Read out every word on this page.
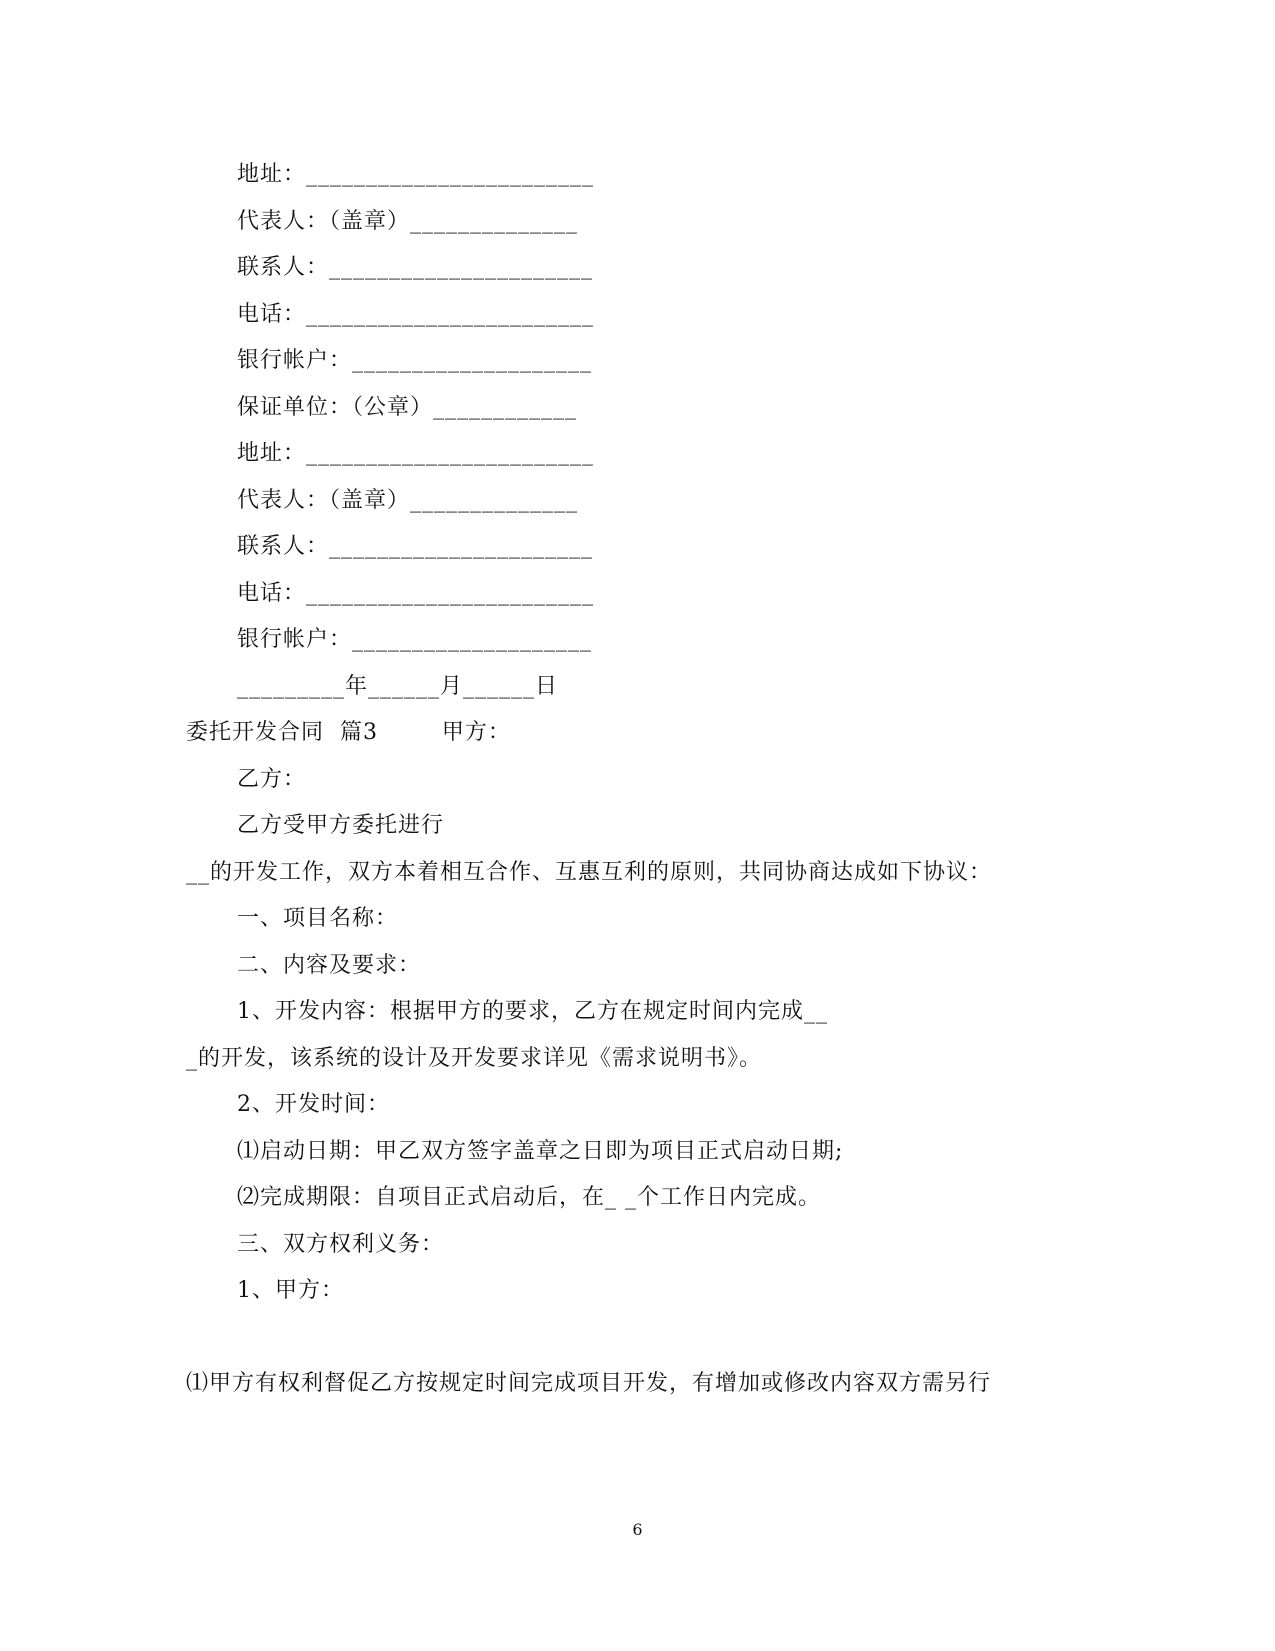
地址：________________________
代表人：（盖章）______________
联系人：______________________
电话：________________________
银行帐户：____________________
保证单位：（公章）____________
地址：________________________
代表人：（盖章）______________
联系人：______________________
电话：________________________
银行帐户：____________________
_________年______月______日
委托开发合同  篇3        甲方：
乙方：
乙方受甲方委托进行
__的开发工作，双方本着相互合作、互惠互利的原则，共同协商达成如下协议：
一、项目名称：
二、内容及要求：
1、开发内容：根据甲方的要求，乙方在规定时间内完成__
_的开发，该系统的设计及开发要求详见《需求说明书》。
2、开发时间：
⑴启动日期：甲乙双方签字盖章之日即为项目正式启动日期;
⑵完成期限：自项目正式启动后，在_ _个工作日内完成。
三、双方权利义务：
1、甲方：
⑴甲方有权利督促乙方按规定时间完成项目开发，有增加或修改内容双方需另行
6
